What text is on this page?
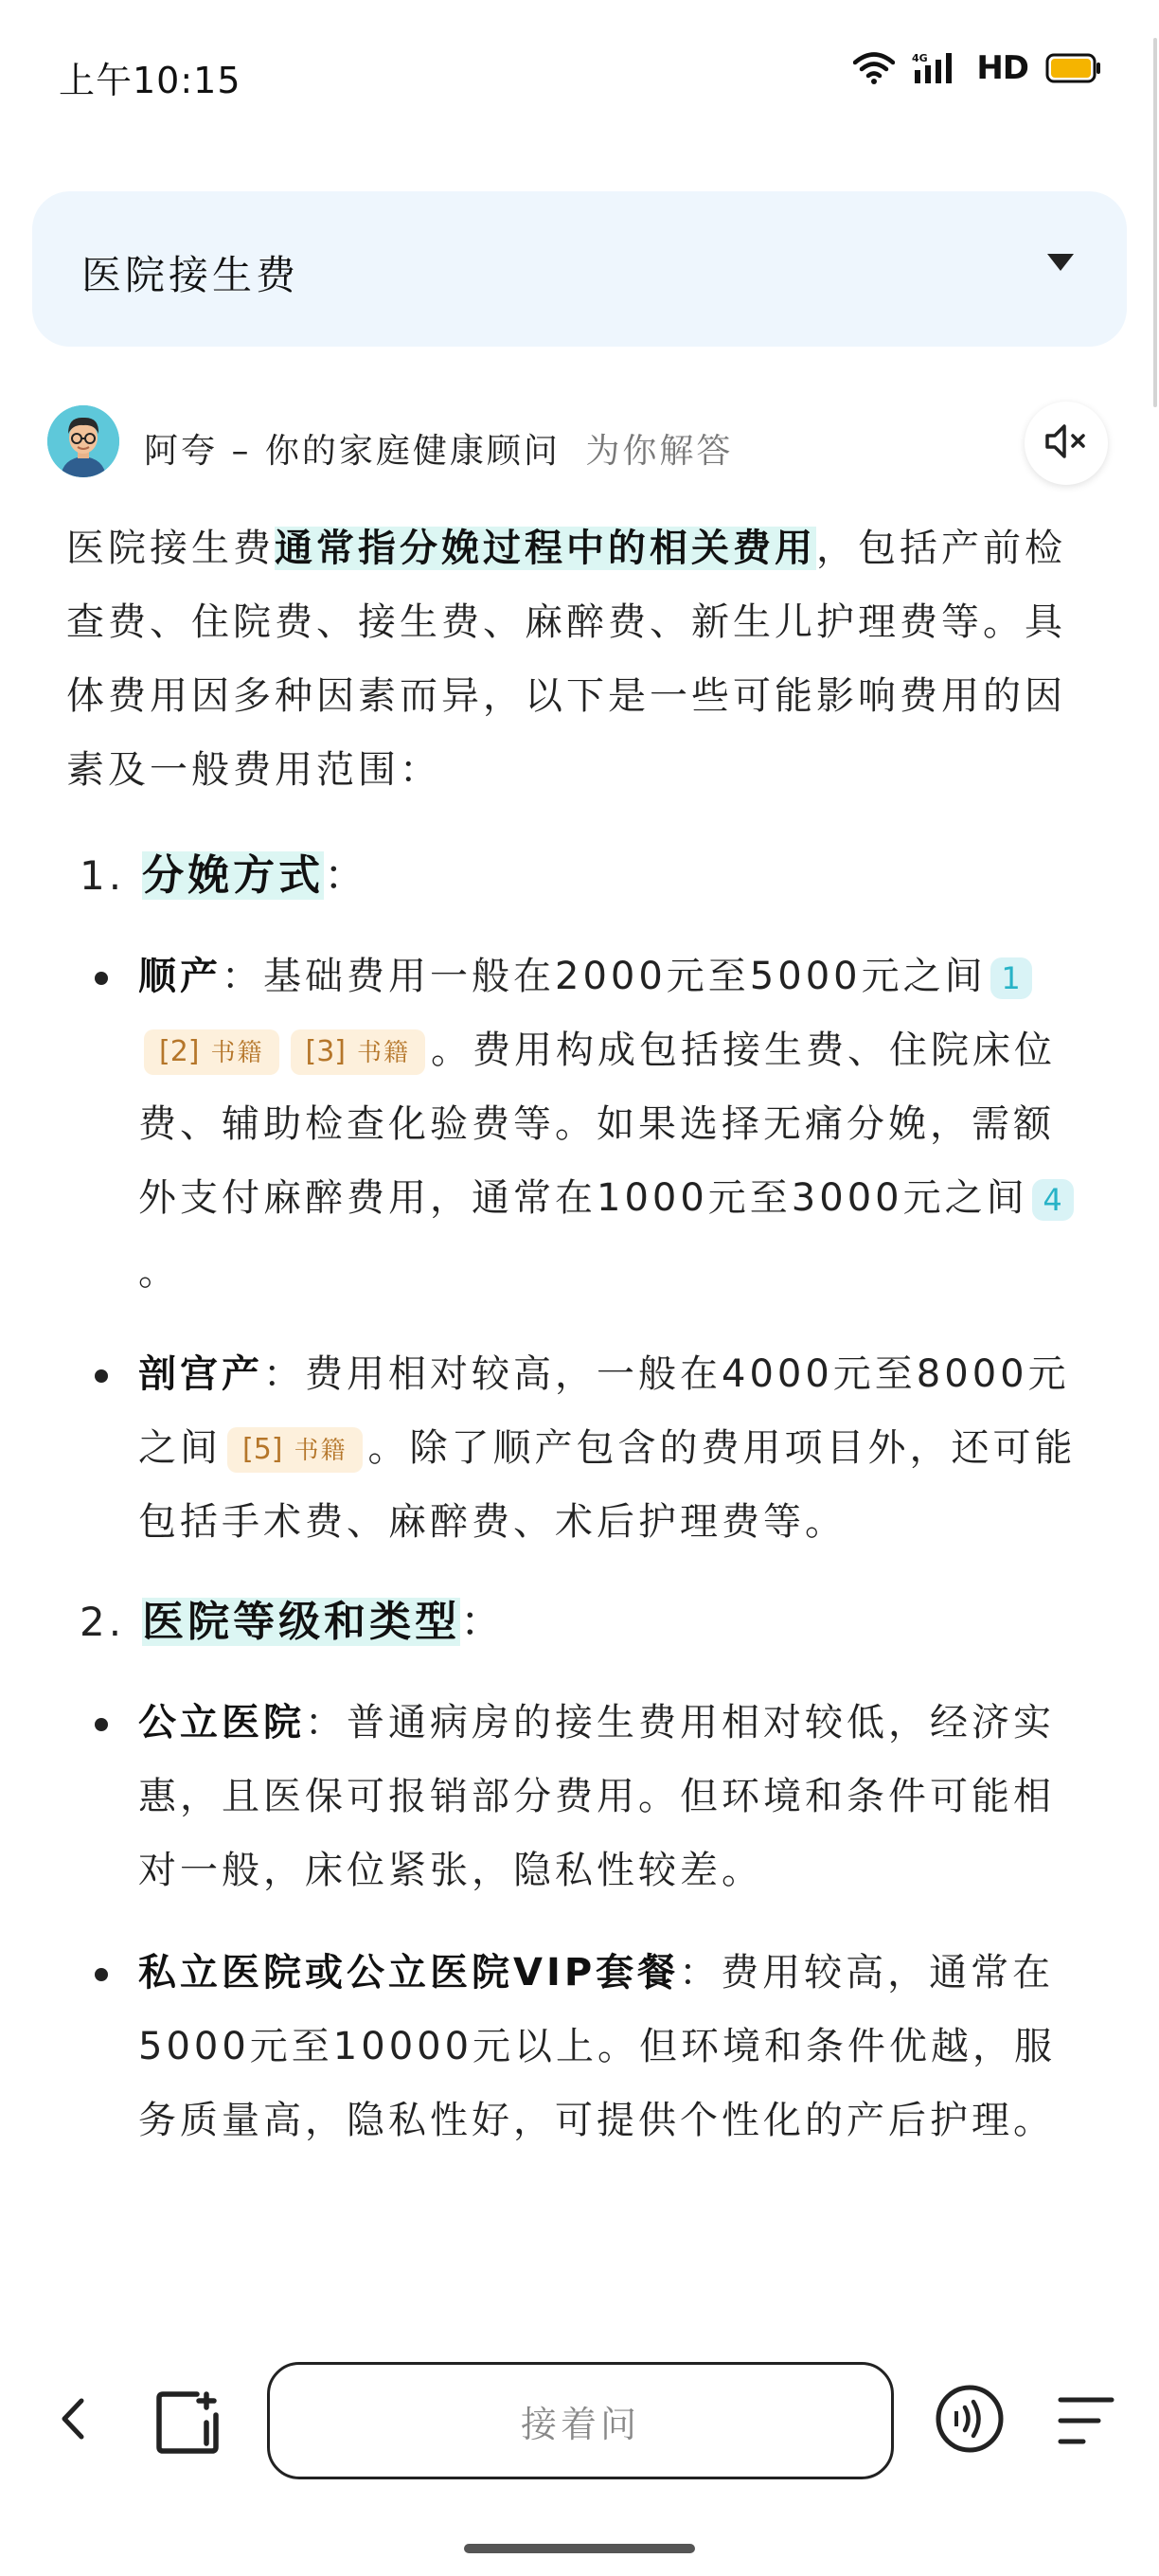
上午10:15
4G HD
医院接生费
阿夸 – 你的家庭健康顾问 为你解答

医院接生费通常指分娩过程中的相关费用，包括产前检查费、住院费、接生费、麻醉费、新生儿护理费等。具体费用因多种因素而异，以下是一些可能影响费用的因素及一般费用范围：

1. 分娩方式：

顺产：基础费用一般在2000元至5000元之间 1 [2] 书籍 [3] 书籍 。费用构成包括接生费、住院床位费、辅助检查化验费等。如果选择无痛分娩，需额外支付麻醉费用，通常在1000元至3000元之间 4。
剖宫产：费用相对较高，一般在4000元至8000元之间 [5] 书籍 。除了顺产包含的费用项目外，还可能包括手术费、麻醉费、术后护理费等。

2. 医院等级和类型：

公立医院：普通病房的接生费用相对较低，经济实惠，且医保可报销部分费用。但环境和条件可能相对一般，床位紧张，隐私性较差。
私立医院或公立医院VIP套餐：费用较高，通常在5000元至10000元以上。但环境和条件优越，服务质量高，隐私性好，可提供个性化的产后护理。
接着问
